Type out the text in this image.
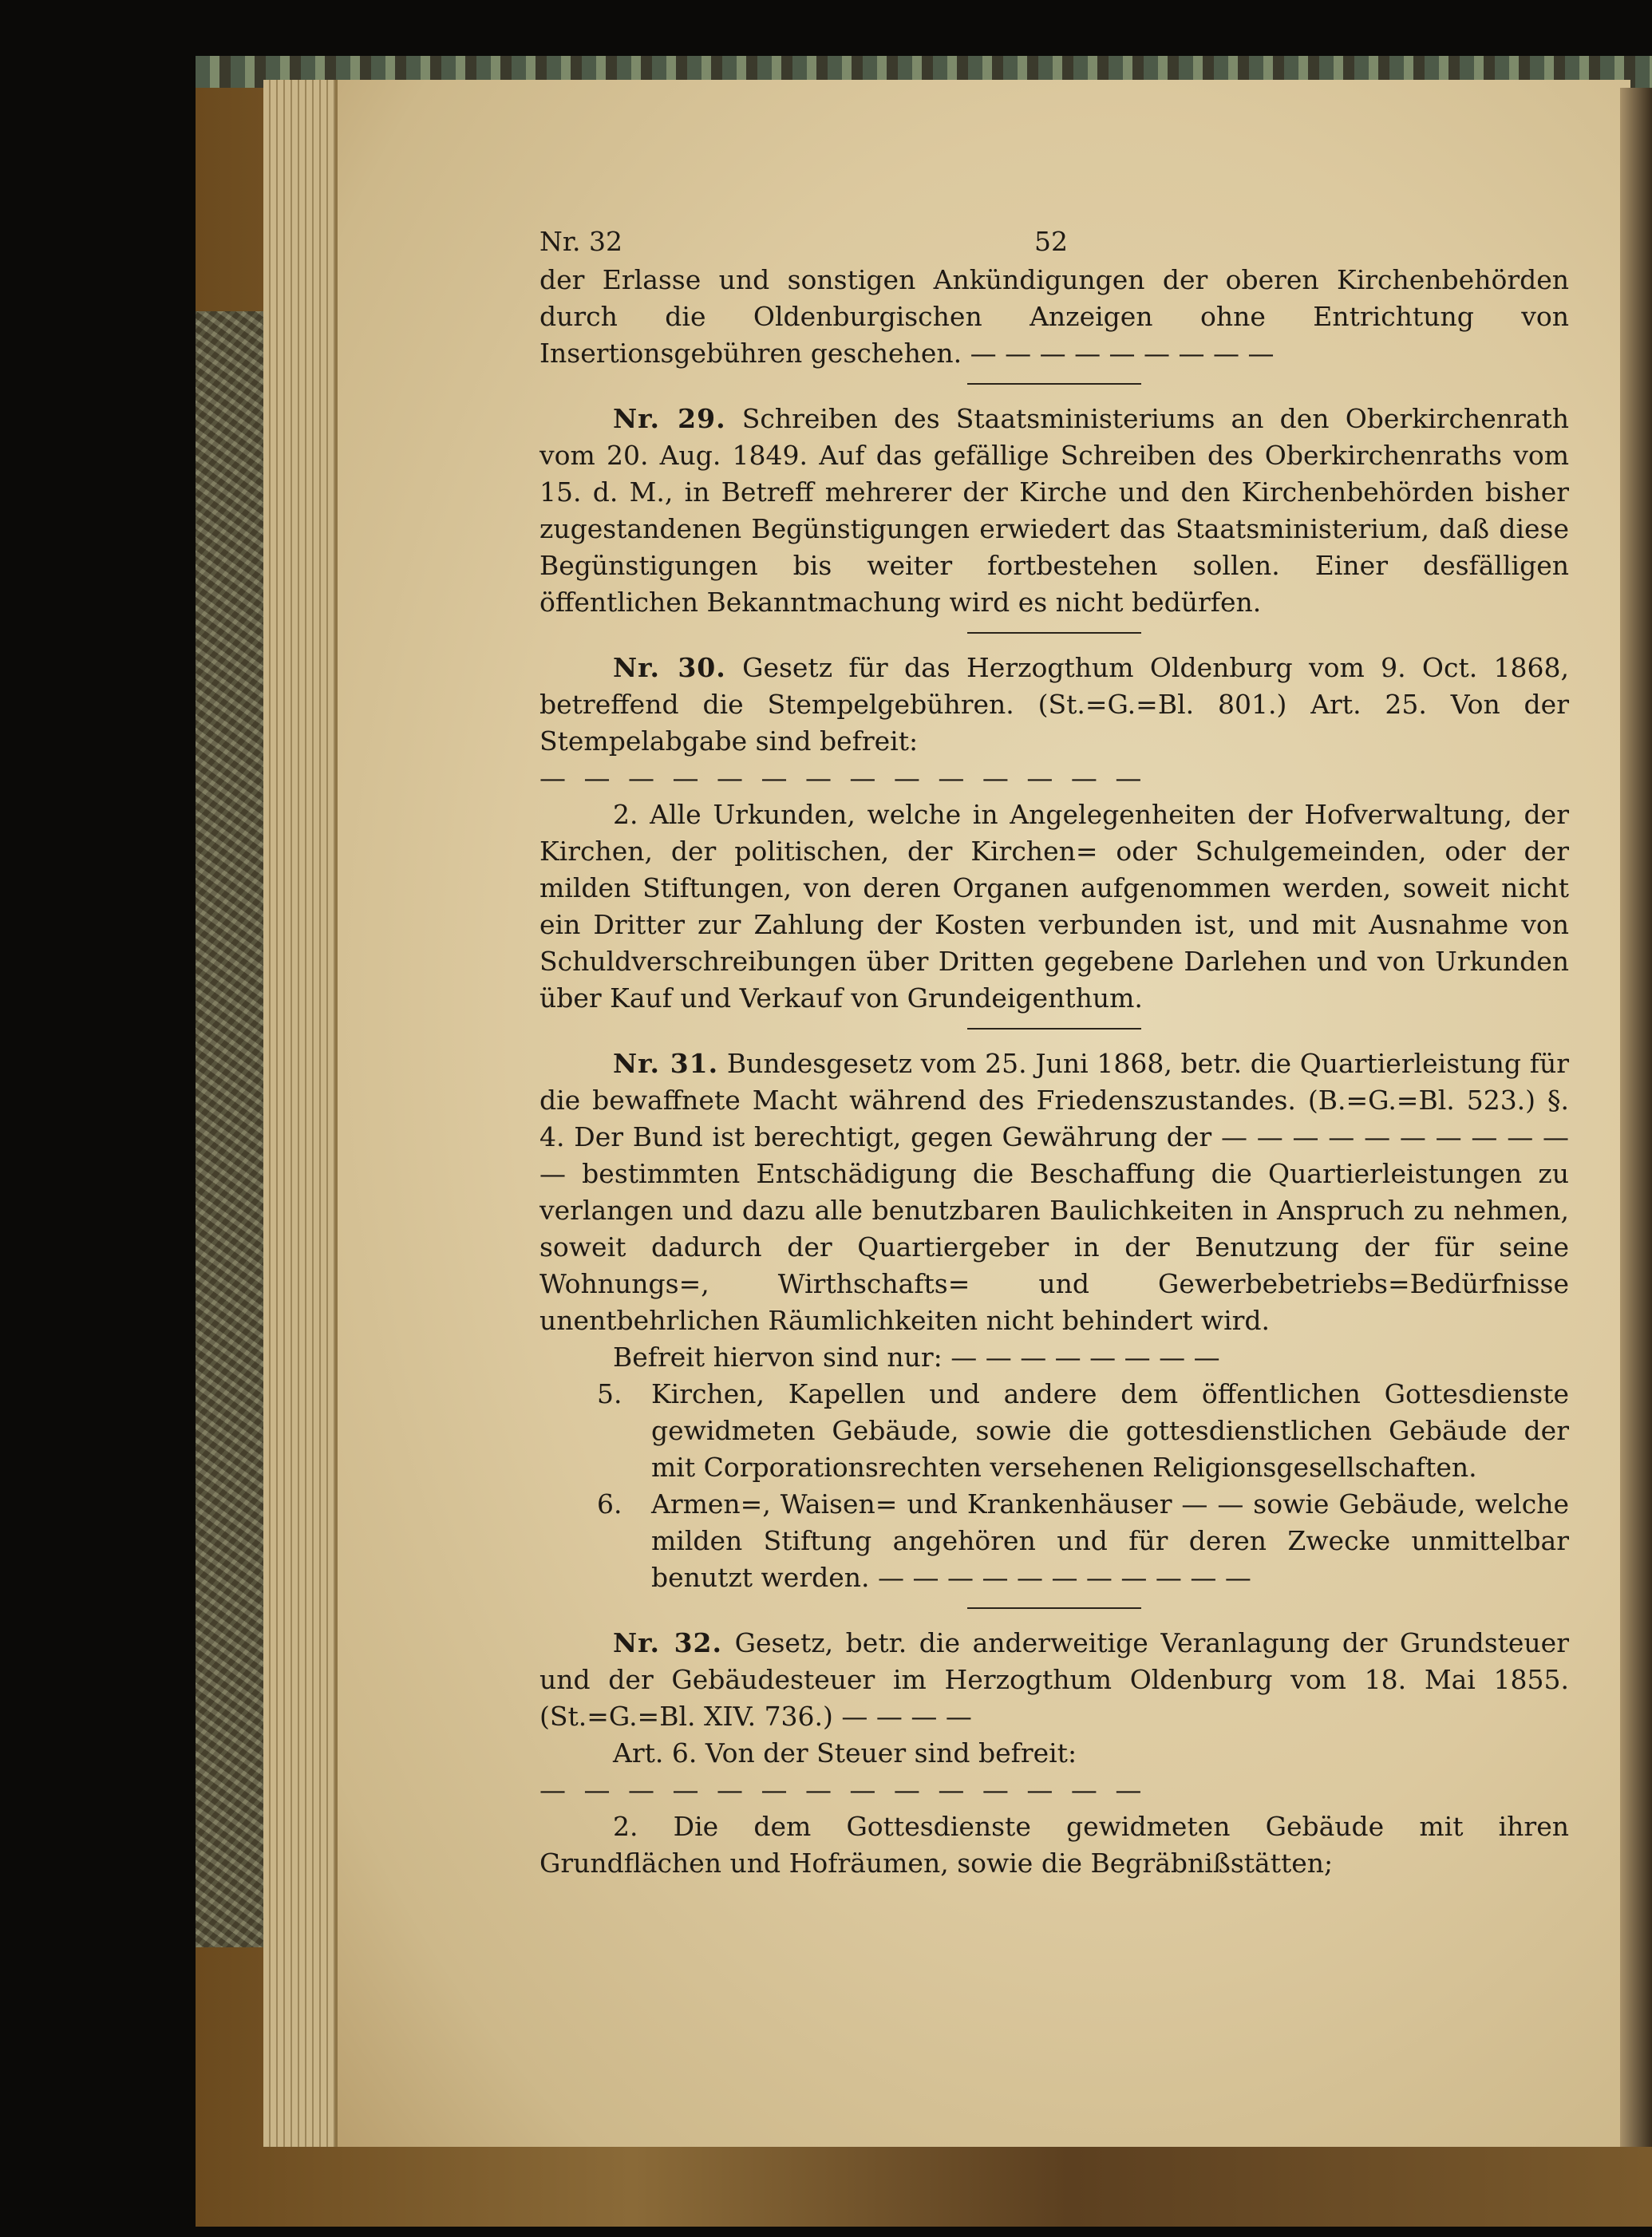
Nr. 32	52
der Erlasse und sonstigen Ankündigungen der oberen Kirchenbehörden durch die Oldenburgischen Anzeigen ohne Entrichtung von Insertionsgebühren geschehen. — — — — — — — — —
Nr. 29. Schreiben des Staatsministeriums an den Oberkirchenrath vom 20. Aug. 1849. Auf das gefällige Schreiben des Oberkirchenraths vom 15. d. M., in Betreff mehrerer der Kirche und den Kirchenbehörden bisher zugestandenen Begünstigungen erwiedert das Staatsministerium, daß diese Begünstigungen bis weiter fortbestehen sollen. Einer desfälligen öffentlichen Bekanntmachung wird es nicht bedürfen.
Nr. 30. Gesetz für das Herzogthum Oldenburg vom 9. Oct. 1868, betreffend die Stempelgebühren. (St.=G.=Bl. 801.) Art. 25. Von der Stempelabgabe sind befreit:
— — — — — — — — — — — — — —
2. Alle Urkunden, welche in Angelegenheiten der Hofverwaltung, der Kirchen, der politischen, der Kirchen= oder Schulgemeinden, oder der milden Stiftungen, von deren Organen aufgenommen werden, soweit nicht ein Dritter zur Zahlung der Kosten verbunden ist, und mit Ausnahme von Schuldverschreibungen über Dritten gegebene Darlehen und von Urkunden über Kauf und Verkauf von Grundeigenthum.
Nr. 31. Bundesgesetz vom 25. Juni 1868, betr. die Quartierleistung für die bewaffnete Macht während des Friedenszustandes. (B.=G.=Bl. 523.) §. 4. Der Bund ist berechtigt, gegen Gewährung der — — — — — — — — — — — bestimmten Entschädigung die Beschaffung die Quartierleistungen zu verlangen und dazu alle benutzbaren Baulichkeiten in Anspruch zu nehmen, soweit dadurch der Quartiergeber in der Benutzung der für seine Wohnungs=, Wirthschafts= und Gewerbebetriebs=Bedürfnisse unentbehrlichen Räumlichkeiten nicht behindert wird.
Befreit hiervon sind nur: — — — — — — — —
5. Kirchen, Kapellen und andere dem öffentlichen Gottesdienste gewidmeten Gebäude, sowie die gottesdienstlichen Gebäude der mit Corporationsrechten versehenen Religionsgesellschaften.
6. Armen=, Waisen= und Krankenhäuser — — sowie Gebäude, welche milden Stiftung angehören und für deren Zwecke unmittelbar benutzt werden. — — — — — — — — — — —
Nr. 32. Gesetz, betr. die anderweitige Veranlagung der Grundsteuer und der Gebäudesteuer im Herzogthum Oldenburg vom 18. Mai 1855. (St.=G.=Bl. XIV. 736.) — — — —
Art. 6. Von der Steuer sind befreit:
— — — — — — — — — — — — — —
2. Die dem Gottesdienste gewidmeten Gebäude mit ihren Grundflächen und Hofräumen, sowie die Begräbnißstätten;
